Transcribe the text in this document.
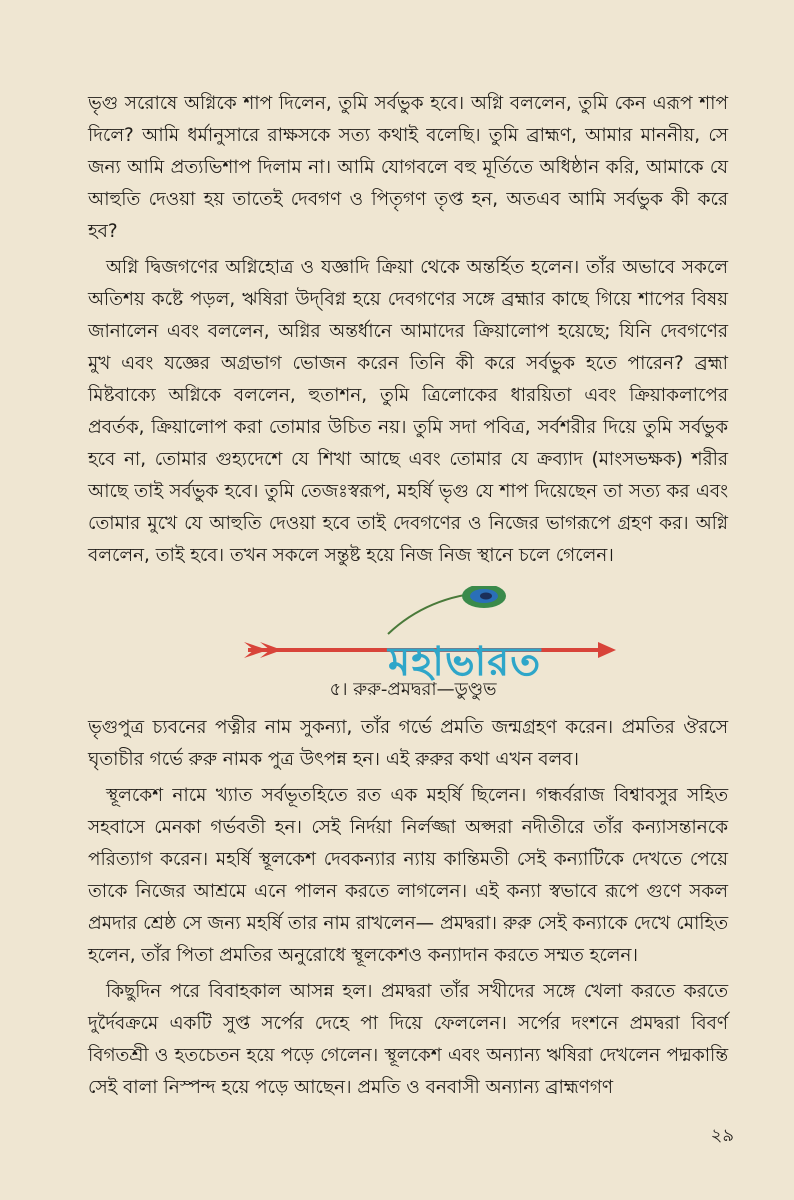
ভৃগু সরোষে অগ্নিকে শাপ দিলেন, তুমি সর্বভুক হবে। অগ্নি বললেন, তুমি কেন এরূপ শাপ দিলে? আমি ধর্মানুসারে রাক্ষসকে সত্য কথাই বলেছি। তুমি ব্রাহ্মণ, আমার মাননীয়, সে জন্য আমি প্রত্যভিশাপ দিলাম না। আমি যোগবলে বহু মূর্তিতে অধিষ্ঠান করি, আমাকে যে আহুতি দেওয়া হয় তাতেই দেবগণ ও পিতৃগণ তৃপ্ত হন, অতএব আমি সর্বভুক কী করে হব?

অগ্নি দ্বিজগণের অগ্নিহোত্র ও যজ্ঞাদি ক্রিয়া থেকে অন্তর্হিত হলেন। তাঁর অভাবে সকলে অতিশয় কষ্টে পড়ল, ঋষিরা উদ্‌বিগ্ন হয়ে দেবগণের সঙ্গে ব্রহ্মার কাছে গিয়ে শাপের বিষয় জানালেন এবং বললেন, অগ্নির অন্তর্ধানে আমাদের ক্রিয়ালোপ হয়েছে; যিনি দেবগণের মুখ এবং যজ্ঞের অগ্রভাগ ভোজন করেন তিনি কী করে সর্বভুক হতে পারেন? ব্রহ্মা মিষ্টবাক্যে অগ্নিকে বললেন, হুতাশন, তুমি ত্রিলোকের ধারয়িতা এবং ক্রিয়াকলাপের প্রবর্তক, ক্রিয়ালোপ করা তোমার উচিত নয়। তুমি সদা পবিত্র, সর্বশরীর দিয়ে তুমি সর্বভুক হবে না, তোমার গুহ্যদেশে যে শিখা আছে এবং তোমার যে ক্রব্যাদ (মাংসভক্ষক) শরীর আছে তাই সর্বভুক হবে। তুমি তেজঃস্বরূপ, মহর্ষি ভৃগু যে শাপ দিয়েছেন তা সত্য কর এবং তোমার মুখে যে আহুতি দেওয়া হবে তাই দেবগণের ও নিজের ভাগরূপে গ্রহণ কর। অগ্নি বললেন, তাই হবে। তখন সকলে সন্তুষ্ট হয়ে নিজ নিজ স্থানে চলে গেলেন।

মহাভারত
৫। রুরু-প্রমদ্বরা—ডুণ্ডুভ

ভৃগুপুত্র চ্যবনের পত্নীর নাম সুকন্যা, তাঁর গর্ভে প্রমতি জন্মগ্রহণ করেন। প্রমতির ঔরসে ঘৃতাচীর গর্ভে রুরু নামক পুত্র উৎপন্ন হন। এই রুরুর কথা এখন বলব।

স্থূলকেশ নামে খ্যাত সর্বভূতহিতে রত এক মহর্ষি ছিলেন। গন্ধর্বরাজ বিশ্বাবসুর সহিত সহবাসে মেনকা গর্ভবতী হন। সেই নির্দয়া নির্লজ্জা অপ্সরা নদীতীরে তাঁর কন্যাসন্তানকে পরিত্যাগ করেন। মহর্ষি স্থূলকেশ দেবকন্যার ন্যায় কান্তিমতী সেই কন্যাটিকে দেখতে পেয়ে তাকে নিজের আশ্রমে এনে পালন করতে লাগলেন। এই কন্যা স্বভাবে রূপে গুণে সকল প্রমদার শ্রেষ্ঠ সে জন্য মহর্ষি তার নাম রাখলেন— প্রমদ্বরা। রুরু সেই কন্যাকে দেখে মোহিত হলেন, তাঁর পিতা প্রমতির অনুরোধে স্থূলকেশও কন্যাদান করতে সম্মত হলেন।

কিছুদিন পরে বিবাহকাল আসন্ন হল। প্রমদ্বরা তাঁর সখীদের সঙ্গে খেলা করতে করতে দুর্দৈবক্রমে একটি সুপ্ত সর্পের দেহে পা দিয়ে ফেললেন। সর্পের দংশনে প্রমদ্বরা বিবর্ণ বিগতশ্রী ও হতচেতন হয়ে পড়ে গেলেন। স্থূলকেশ এবং অন্যান্য ঋষিরা দেখলেন পদ্মকান্তি সেই বালা নিস্পন্দ হয়ে পড়ে আছেন। প্রমতি ও বনবাসী অন্যান্য ব্রাহ্মণগণ

২৯
